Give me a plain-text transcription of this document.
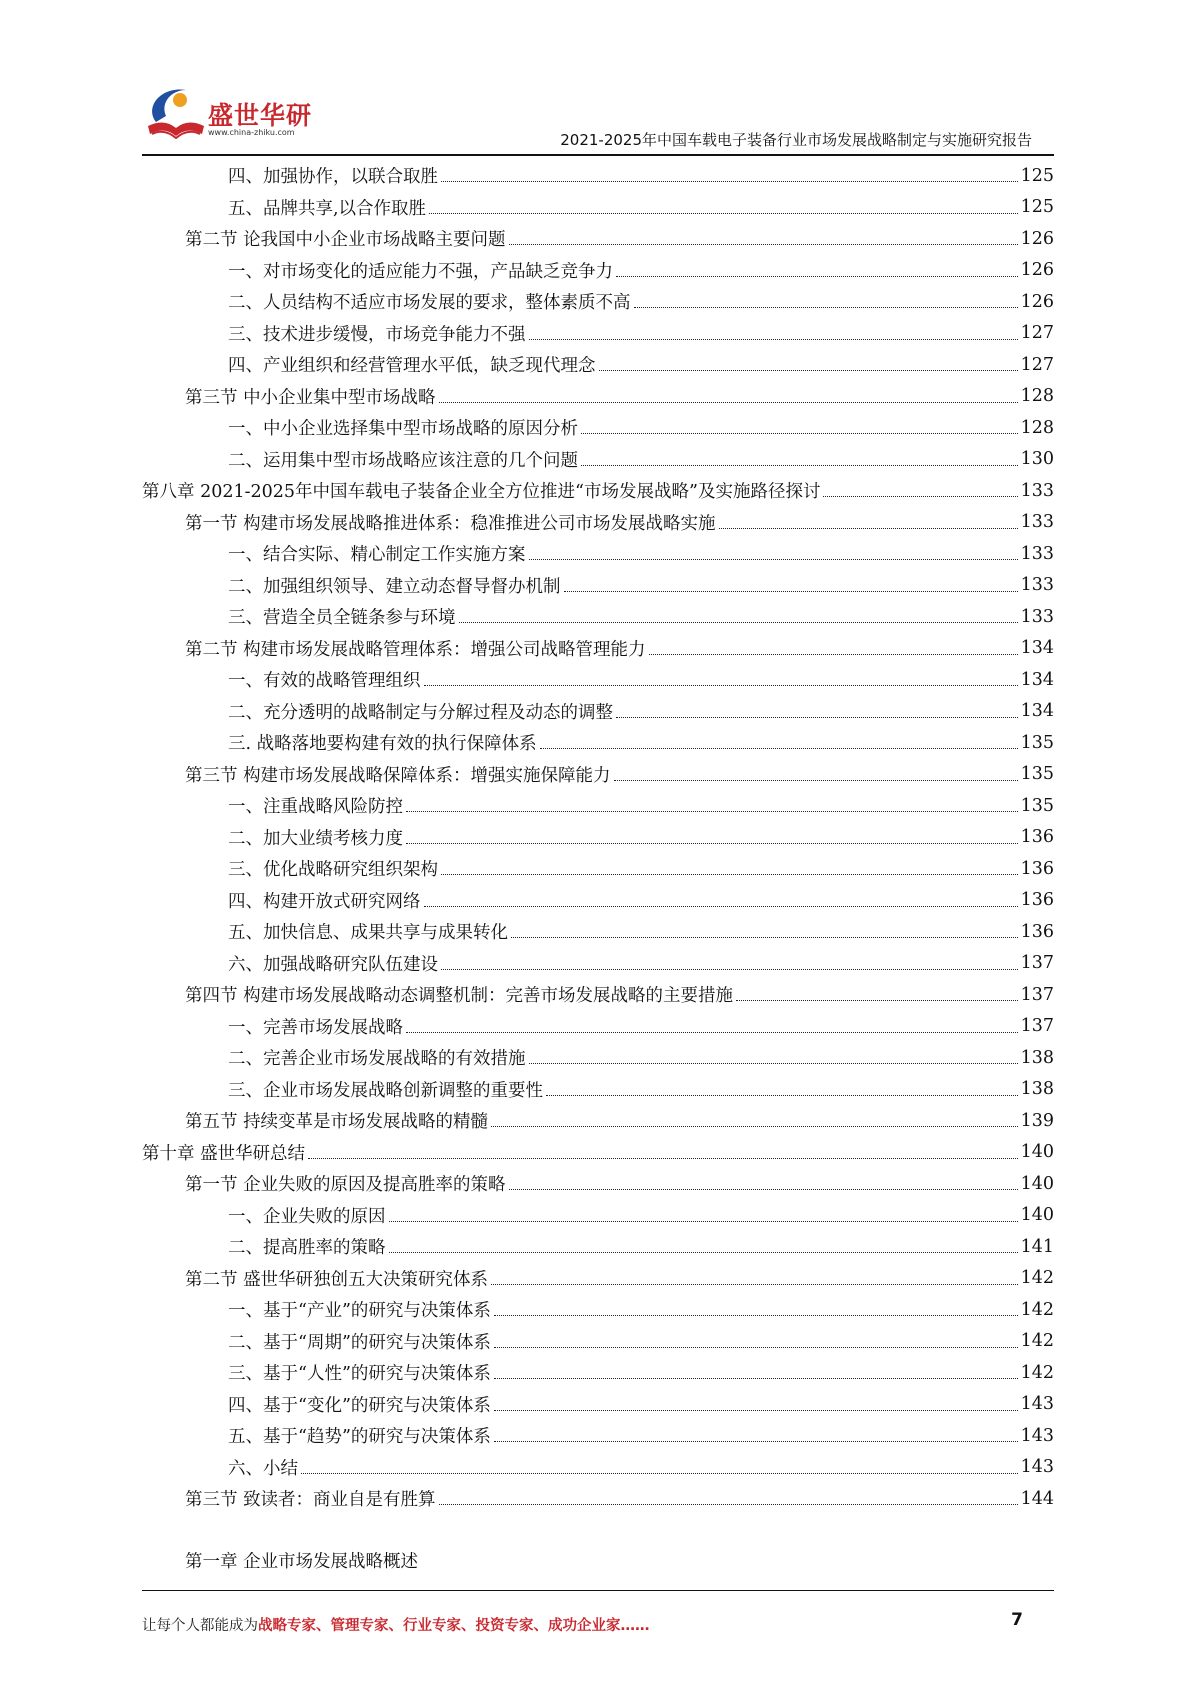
盛世华研
www.china-zhiku.com	2021-2025年中国车载电子装备行业市场发展战略制定与实施研究报告
四、加强协作，以联合取胜	125
五、品牌共享,以合作取胜	125
第二节 论我国中小企业市场战略主要问题	126
一、对市场变化的适应能力不强，产品缺乏竞争力	126
二、人员结构不适应市场发展的要求，整体素质不高	126
三、技术进步缓慢，市场竞争能力不强	127
四、产业组织和经营管理水平低，缺乏现代理念	127
第三节 中小企业集中型市场战略	128
一、中小企业选择集中型市场战略的原因分析	128
二、运用集中型市场战略应该注意的几个问题	130
第八章 2021-2025年中国车载电子装备企业全方位推进“市场发展战略”及实施路径探讨	133
第一节 构建市场发展战略推进体系：稳准推进公司市场发展战略实施	133
一、结合实际、精心制定工作实施方案	133
二、加强组织领导、建立动态督导督办机制	133
三、营造全员全链条参与环境	133
第二节 构建市场发展战略管理体系：增强公司战略管理能力	134
一、有效的战略管理组织	134
二、充分透明的战略制定与分解过程及动态的调整	134
三. 战略落地要构建有效的执行保障体系	135
第三节 构建市场发展战略保障体系：增强实施保障能力	135
一、注重战略风险防控	135
二、加大业绩考核力度	136
三、优化战略研究组织架构	136
四、构建开放式研究网络	136
五、加快信息、成果共享与成果转化	136
六、加强战略研究队伍建设	137
第四节 构建市场发展战略动态调整机制：完善市场发展战略的主要措施	137
一、完善市场发展战略	137
二、完善企业市场发展战略的有效措施	138
三、企业市场发展战略创新调整的重要性	138
第五节 持续变革是市场发展战略的精髓	139
第十章 盛世华研总结	140
第一节 企业失败的原因及提高胜率的策略	140
一、企业失败的原因	140
二、提高胜率的策略	141
第二节 盛世华研独创五大决策研究体系	142
一、基于“产业”的研究与决策体系	142
二、基于“周期”的研究与决策体系	142
三、基于“人性”的研究与决策体系	142
四、基于“变化”的研究与决策体系	143
五、基于“趋势”的研究与决策体系	143
六、小结	143
第三节 致读者：商业自是有胜算	144
第一章 企业市场发展战略概述
让每个人都能成为战略专家、管理专家、行业专家、投资专家、成功企业家……	7
